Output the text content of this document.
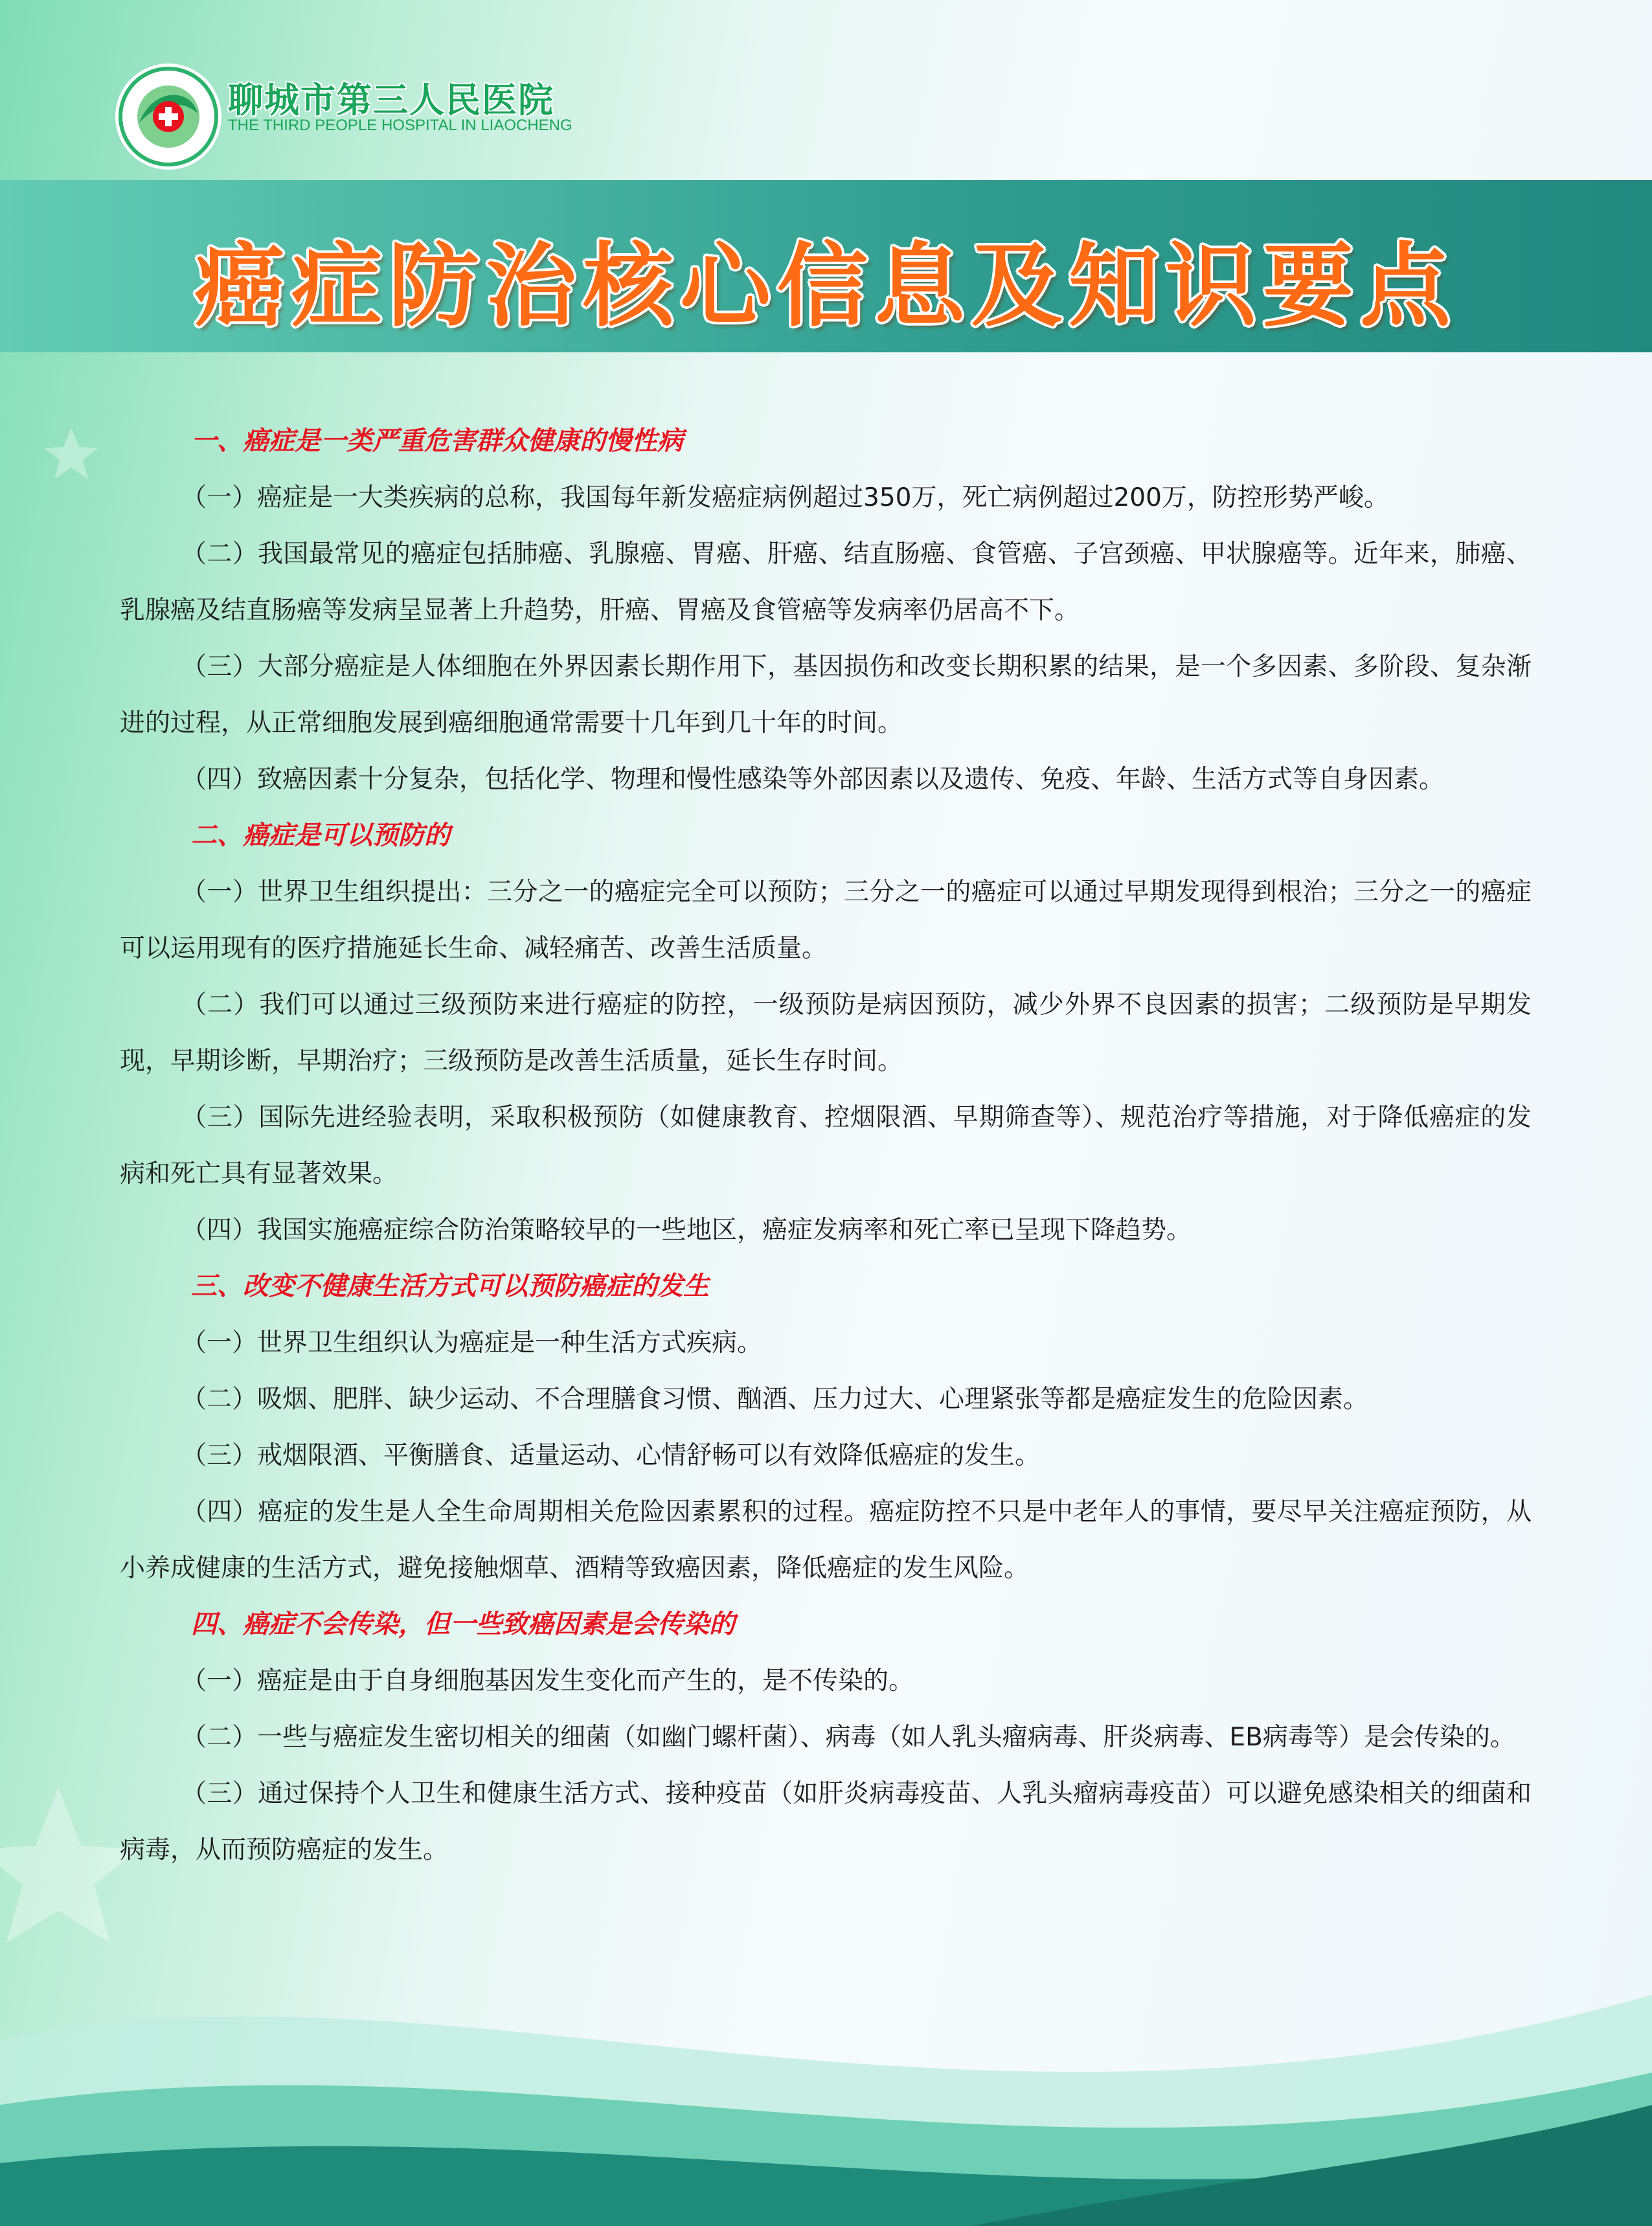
聊城市第三人民医院
THE THIRD PEOPLE HOSPITAL IN LIAOCHENG
癌症防治核心信息及知识要点

一、癌症是一类严重危害群众健康的慢性病

（一）癌症是一大类疾病的总称，我国每年新发癌症病例超过350万，死亡病例超过200万，防控形势严峻。

（二）我国最常见的癌症包括肺癌、乳腺癌、胃癌、肝癌、结直肠癌、食管癌、子宫颈癌、甲状腺癌等。近年来，肺癌、乳腺癌及结直肠癌等发病呈显著上升趋势，肝癌、胃癌及食管癌等发病率仍居高不下。

（三）大部分癌症是人体细胞在外界因素长期作用下，基因损伤和改变长期积累的结果，是一个多因素、多阶段、复杂渐进的过程，从正常细胞发展到癌细胞通常需要十几年到几十年的时间。

（四）致癌因素十分复杂，包括化学、物理和慢性感染等外部因素以及遗传、免疫、年龄、生活方式等自身因素。

二、癌症是可以预防的

（一）世界卫生组织提出：三分之一的癌症完全可以预防；三分之一的癌症可以通过早期发现得到根治；三分之一的癌症可以运用现有的医疗措施延长生命、减轻痛苦、改善生活质量。

（二）我们可以通过三级预防来进行癌症的防控，一级预防是病因预防，减少外界不良因素的损害；二级预防是早期发现，早期诊断，早期治疗；三级预防是改善生活质量，延长生存时间。

（三）国际先进经验表明，采取积极预防（如健康教育、控烟限酒、早期筛查等）、规范治疗等措施，对于降低癌症的发病和死亡具有显著效果。

（四）我国实施癌症综合防治策略较早的一些地区，癌症发病率和死亡率已呈现下降趋势。

三、改变不健康生活方式可以预防癌症的发生

（一）世界卫生组织认为癌症是一种生活方式疾病。

（二）吸烟、肥胖、缺少运动、不合理膳食习惯、酗酒、压力过大、心理紧张等都是癌症发生的危险因素。

（三）戒烟限酒、平衡膳食、适量运动、心情舒畅可以有效降低癌症的发生。

（四）癌症的发生是人全生命周期相关危险因素累积的过程。癌症防控不只是中老年人的事情，要尽早关注癌症预防，从小养成健康的生活方式，避免接触烟草、酒精等致癌因素，降低癌症的发生风险。

四、癌症不会传染，但一些致癌因素是会传染的

（一）癌症是由于自身细胞基因发生变化而产生的，是不传染的。

（二）一些与癌症发生密切相关的细菌（如幽门螺杆菌）、病毒（如人乳头瘤病毒、肝炎病毒、EB病毒等）是会传染的。

（三）通过保持个人卫生和健康生活方式、接种疫苗（如肝炎病毒疫苗、人乳头瘤病毒疫苗）可以避免感染相关的细菌和病毒，从而预防癌症的发生。
